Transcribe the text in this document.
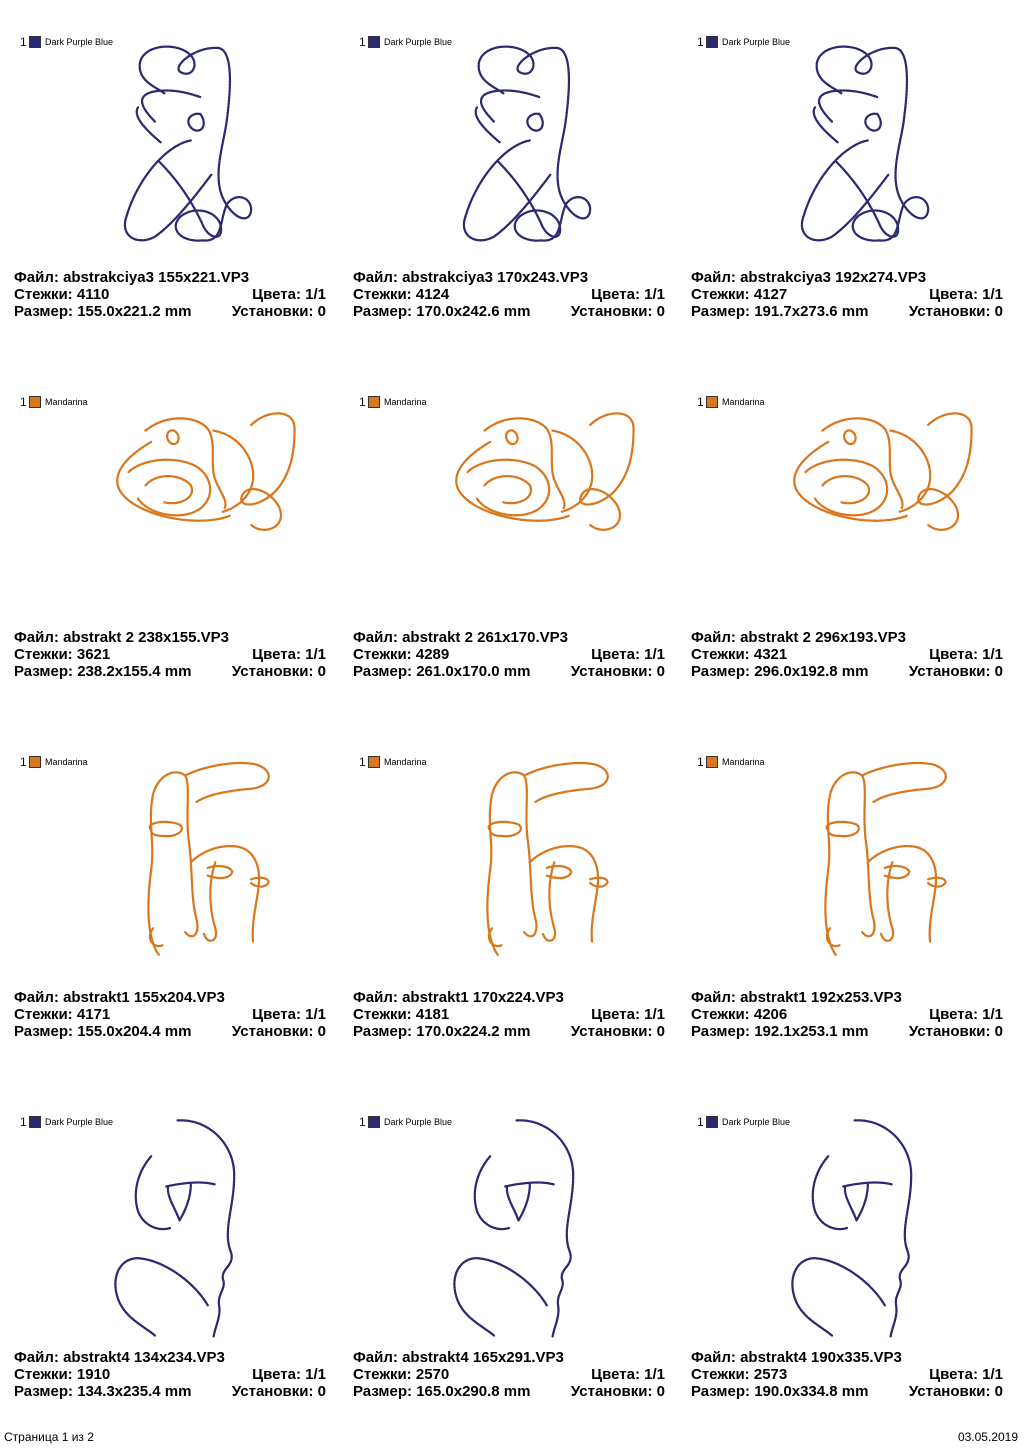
1 Dark Purple Blue
Файл: abstrakciya3 155x221.VP3
Стежки: 4110	Цвета: 1/1
Размер: 155.0x221.2 mm	Установки: 0
1 Dark Purple Blue
Файл: abstrakciya3 170x243.VP3
Стежки: 4124	Цвета: 1/1
Размер: 170.0x242.6 mm	Установки: 0
1 Dark Purple Blue
Файл: abstrakciya3 192x274.VP3
Стежки: 4127	Цвета: 1/1
Размер: 191.7x273.6 mm	Установки: 0
1 Mandarina
Файл: abstrakt 2 238x155.VP3
Стежки: 3621	Цвета: 1/1
Размер: 238.2x155.4 mm	Установки: 0
1 Mandarina
Файл: abstrakt 2 261x170.VP3
Стежки: 4289	Цвета: 1/1
Размер: 261.0x170.0 mm	Установки: 0
1 Mandarina
Файл: abstrakt 2 296x193.VP3
Стежки: 4321	Цвета: 1/1
Размер: 296.0x192.8 mm	Установки: 0
1 Mandarina
Файл: abstrakt1 155x204.VP3
Стежки: 4171	Цвета: 1/1
Размер: 155.0x204.4 mm	Установки: 0
1 Mandarina
Файл: abstrakt1 170x224.VP3
Стежки: 4181	Цвета: 1/1
Размер: 170.0x224.2 mm	Установки: 0
1 Mandarina
Файл: abstrakt1 192x253.VP3
Стежки: 4206	Цвета: 1/1
Размер: 192.1x253.1 mm	Установки: 0
1 Dark Purple Blue
Файл: abstrakt4 134x234.VP3
Стежки: 1910	Цвета: 1/1
Размер: 134.3x235.4 mm	Установки: 0
1 Dark Purple Blue
Файл: abstrakt4 165x291.VP3
Стежки: 2570	Цвета: 1/1
Размер: 165.0x290.8 mm	Установки: 0
1 Dark Purple Blue
Файл: abstrakt4 190x335.VP3
Стежки: 2573	Цвета: 1/1
Размер: 190.0x334.8 mm	Установки: 0
Страница 1 из 2	03.05.2019
